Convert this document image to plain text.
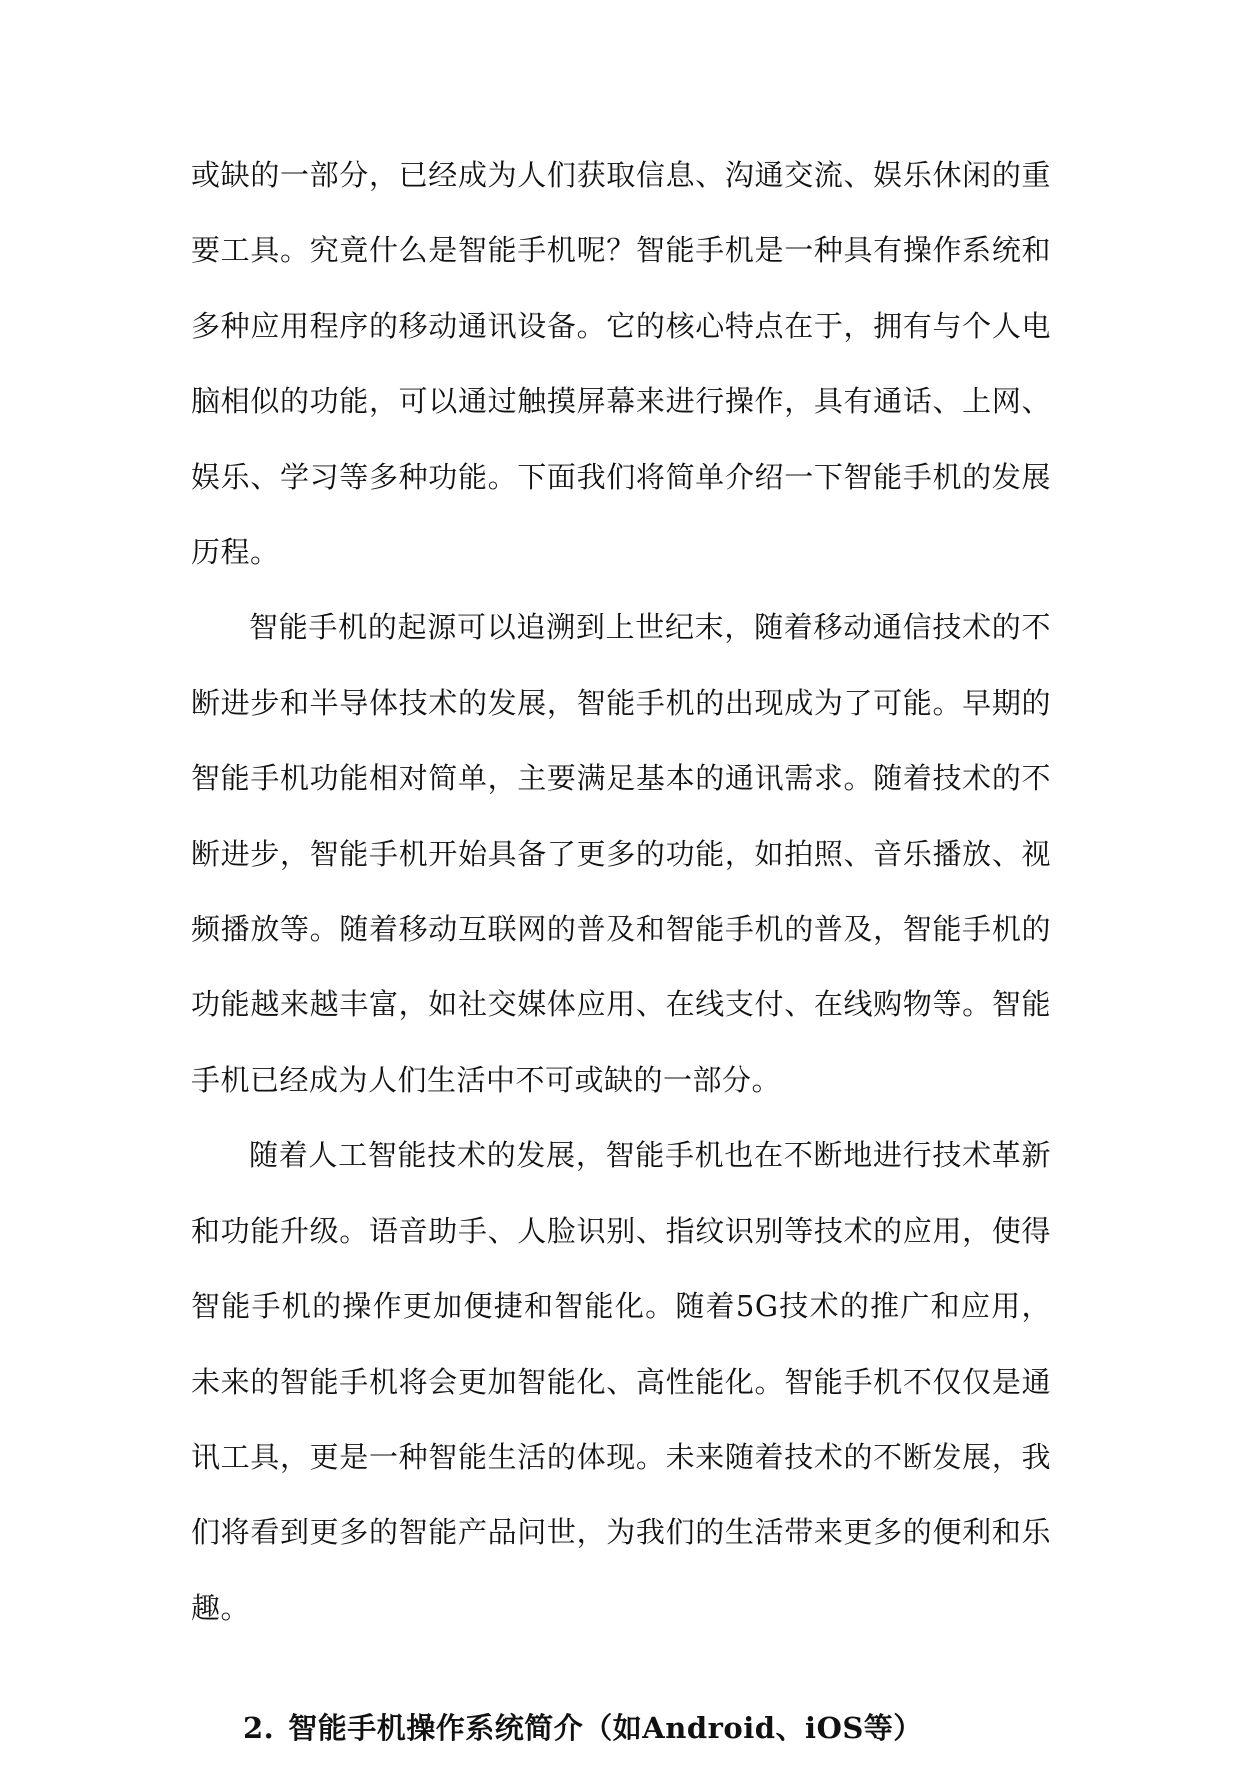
或缺的一部分，已经成为人们获取信息、沟通交流、娱乐休闲的重要工具。究竟什么是智能手机呢？智能手机是一种具有操作系统和多种应用程序的移动通讯设备。它的核心特点在于，拥有与个人电脑相似的功能，可以通过触摸屏幕来进行操作，具有通话、上网、娱乐、学习等多种功能。下面我们将简单介绍一下智能手机的发展历程。

智能手机的起源可以追溯到上世纪末，随着移动通信技术的不断进步和半导体技术的发展，智能手机的出现成为了可能。早期的智能手机功能相对简单，主要满足基本的通讯需求。随着技术的不断进步，智能手机开始具备了更多的功能，如拍照、音乐播放、视频播放等。随着移动互联网的普及和智能手机的普及，智能手机的功能越来越丰富，如社交媒体应用、在线支付、在线购物等。智能手机已经成为人们生活中不可或缺的一部分。

随着人工智能技术的发展，智能手机也在不断地进行技术革新和功能升级。语音助手、人脸识别、指纹识别等技术的应用，使得智能手机的操作更加便捷和智能化。随着5G技术的推广和应用，未来的智能手机将会更加智能化、高性能化。智能手机不仅仅是通讯工具，更是一种智能生活的体现。未来随着技术的不断发展，我们将看到更多的智能产品问世，为我们的生活带来更多的便利和乐趣。

2. 智能手机操作系统简介（如Android、iOS等）
